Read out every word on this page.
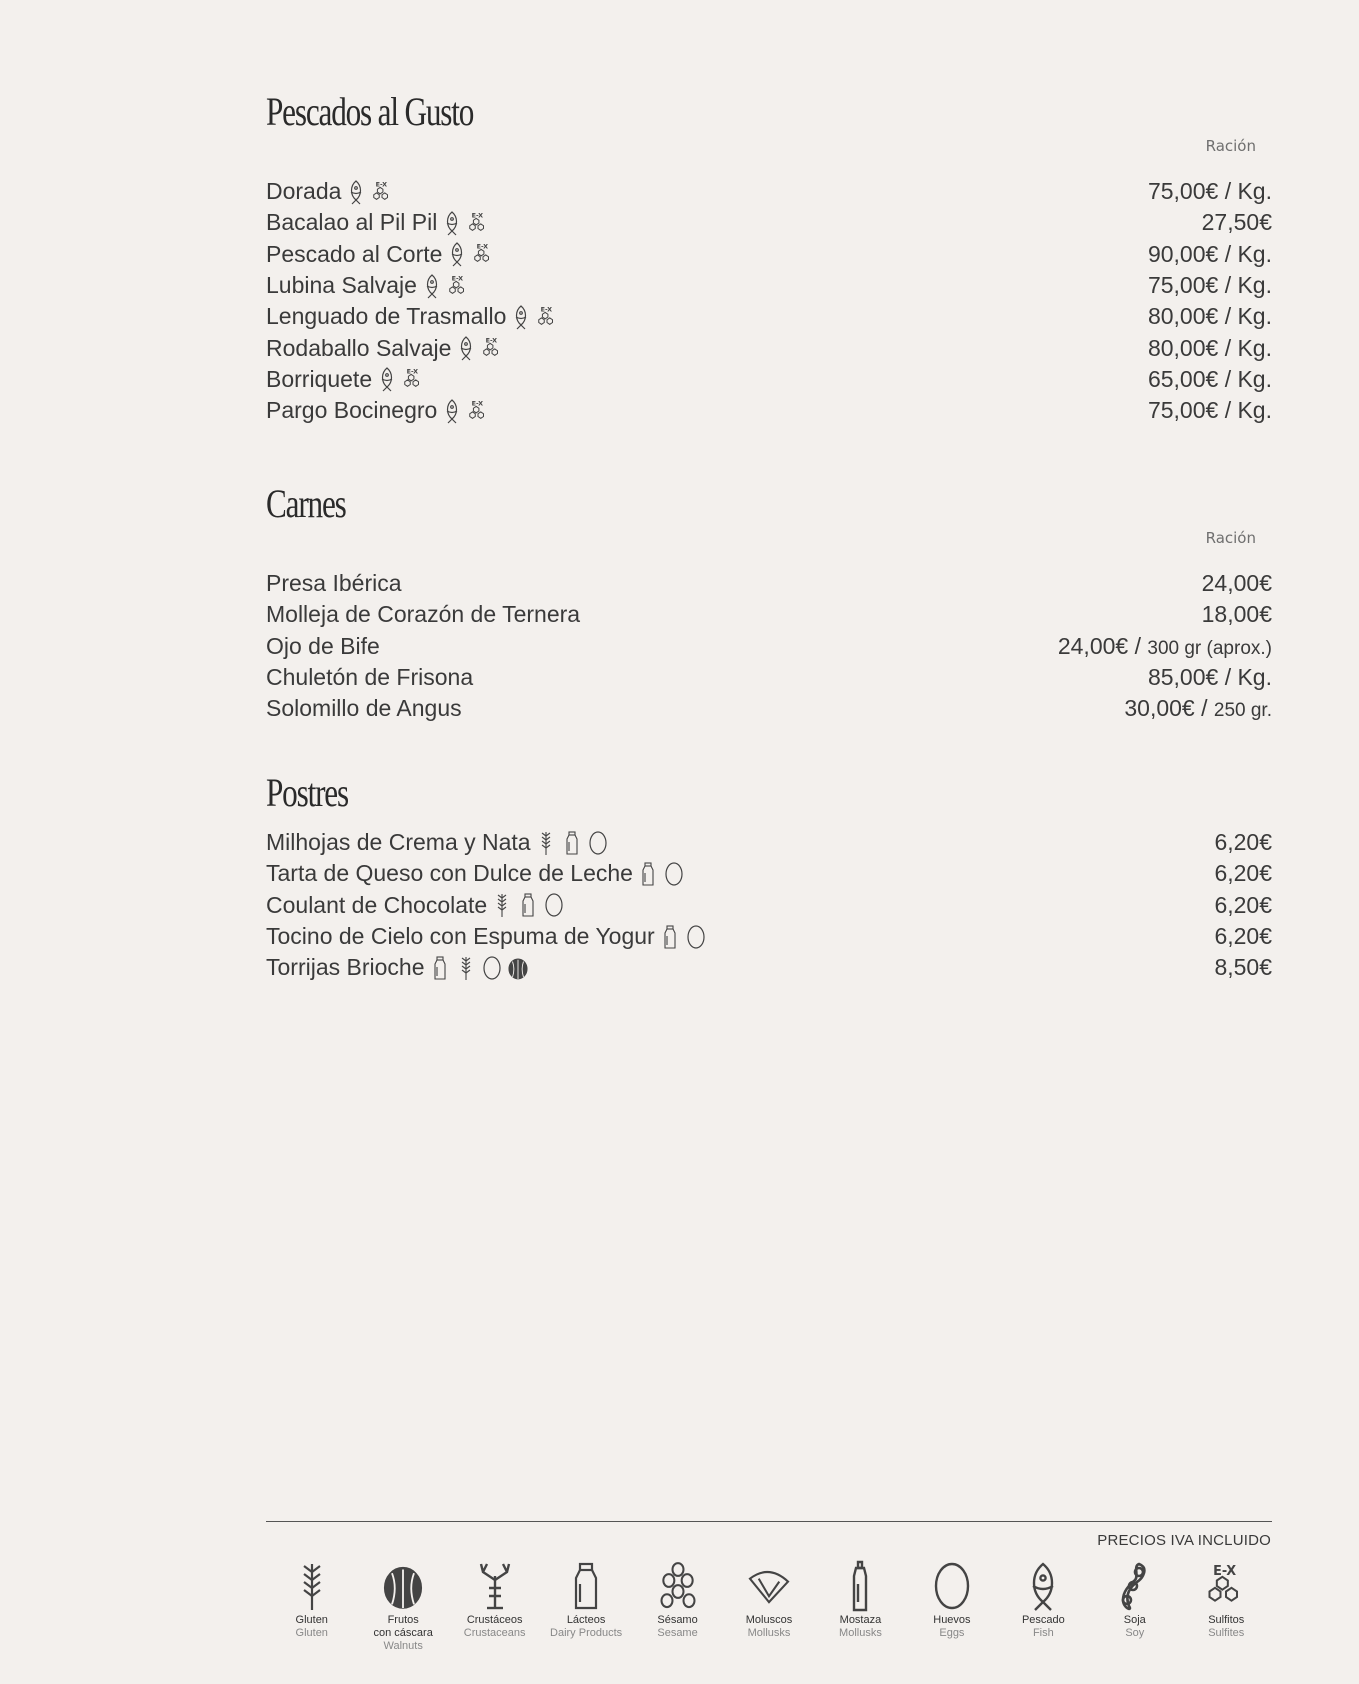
Pescados al Gusto
Ración
Dorada	E-X	75,00€ / Kg.
Bacalao al Pil Pil	E-X	27,50€
Pescado al Corte	E-X	90,00€ / Kg.
Lubina Salvaje	E-X	75,00€ / Kg.
Lenguado de Trasmallo	E-X	80,00€ / Kg.
Rodaballo Salvaje	E-X	80,00€ / Kg.
Borriquete	E-X	65,00€ / Kg.
Pargo Bocinegro	E-X	75,00€ / Kg.
Carnes
Ración
Presa Ibérica	24,00€
Molleja de Corazón de Ternera	18,00€
Ojo de Bife	24,00€ / 300 gr (aprox.)
Chuletón de Frisona	85,00€ / Kg.
Solomillo de Angus	30,00€ / 250 gr.
Postres
Milhojas de Crema y Nata	6,20€
Tarta de Queso con Dulce de Leche	6,20€
Coulant de Chocolate	6,20€
Tocino de Cielo con Espuma de Yogur	6,20€
Torrijas Brioche	8,50€
PRECIOS IVA INCLUIDO
Gluten
Gluten
Frutos
con cáscara
Walnuts
Crustáceos
Crustaceans
Lácteos
Dairy Products
Sésamo
Sesame
Moluscos
Mollusks
Mostaza
Mollusks
Huevos
Eggs
Pescado
Fish
Soja
Soy
E-X
Sulfitos
Sulfites
